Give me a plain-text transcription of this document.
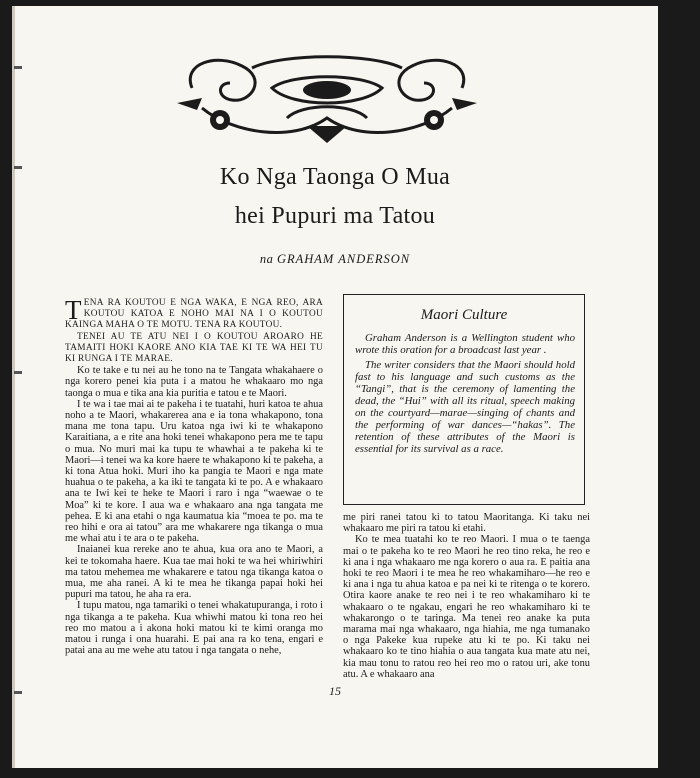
Ko Nga Taonga O Mua
hei Pupuri ma Tatou
na GRAHAM ANDERSON

TENA RA KOUTOU E NGA WAKA, E NGA REO, ARA KOUTOU KATOA E NOHO MAI NA I O KOUTOU KAINGA MAHA O TE MOTU. TENA RA KOUTOU.

TENEI AU TE ATU NEI I O KOUTOU AROARO HE TAMAITI HOKI KAORE ANO KIA TAE KI TE WA HEI TU KI RUNGA I TE MARAE.

Ko te take e tu nei au he tono na te Tangata whakahaere o nga korero penei kia puta i a matou he whakaaro mo nga taonga o mua e tika ana kia puritia e tatou e te Maori.

I te wa i tae mai ai te pakeha i te tuatahi, huri katoa te ahua noho a te Maori, whakarerea ana e ia tona whakapono, tona mana me tona tapu. Uru katoa nga iwi ki te whakapono Karaitiana, a e rite ana hoki tenei whakapono pera me te tapu o mua. No muri mai ka tupu te whawhai a te pakeha ki te Maori—i tenei wa ka kore haere te whakapono ki te pakeha, a ki tona Atua hoki. Muri iho ka pangia te Maori e nga mate huahua o te pakeha, a ka iki te tangata ki te po. A e whakaaro ana te Iwi kei te heke te Maori i raro i nga “waewae o te Moa” ki te kore. I aua wa e whakaaro ana nga tangata me pehea. E ki ana etahi o nga kaumatua kia “moea te po. ma te reo hihi e ora ai tatou” ara me whakarere nga tikanga o mua me whai atu i te ara o te pakeha.

Inaianei kua rereke ano te ahua, kua ora ano te Maori, a kei te tokomaha haere. Kua tae mai hoki te wa hei whiriwhiri ma tatou mehemea me whakarere e tatou nga tikanga katoa o mua, me aha ranei. A ki te mea he tikanga papai hoki hei pupuri ma tatou, he aha ra era.

I tupu matou, nga tamariki o tenei whakatupuranga, i roto i nga tikanga a te pakeha. Kua whiwhi matou ki tona reo hei reo mo matou a i akona hoki matou ki te kimi oranga mo matou i runga i ona huarahi. E pai ana ra ko tena, engari e patai ana au me wehe atu tatou i nga tangata o nehe,

Maori Culture

Graham Anderson is a Wellington student who wrote this oration for a broadcast last year .

The writer considers that the Maori should hold fast to his language and such customs as the “Tangi”, that is the ceremony of lamenting the dead, the “Hui” with all its ritual, speech making on the courtyard—marae—singing of chants and the performing of war dances—“hakas”. The retention of these attributes of the Maori is essential for its survival as a race.

me piri ranei tatou ki to tatou Maoritanga. Ki taku nei whakaaro me piri ra tatou ki etahi.

Ko te mea tuatahi ko te reo Maori. I mua o te taenga mai o te pakeha ko te reo Maori he reo tino reka, he reo e ki ana i nga whakaaro me nga korero o aua ra. E paitia ana hoki te reo Maori i te mea he reo whakamiharo—he reo e ki ana i nga tu ahua katoa e pa nei ki te ritenga o te korero. Otira kaore anake te reo nei i te reo whakamiharo ki te whakaaro o te ngakau, engari he reo whakamiharo ki te whakarongo o te taringa. Ma tenei reo anake ka puta marama mai nga whakaaro, nga hiahia, me nga tumanako o nga Pakeke kua rupeke atu ki te po. Ki taku nei whakaaro ko te tino hiahia o aua tangata kua mate atu nei, kia mau tonu to ratou reo hei reo mo o ratou uri, ake tonu atu. A e whakaaro ana

15
